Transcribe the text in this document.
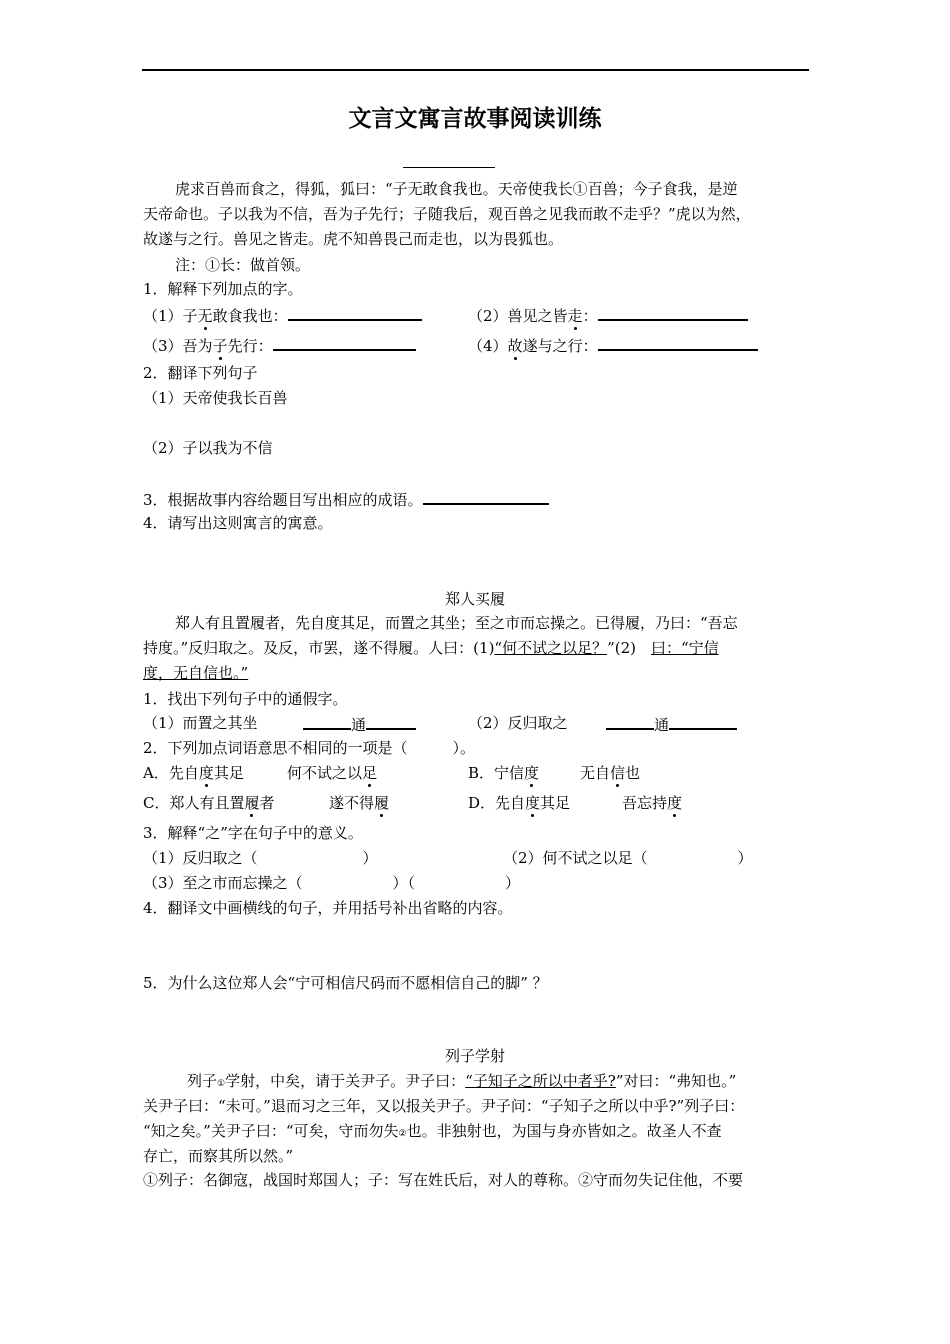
文言文寓言故事阅读训练
虎求百兽而食之，得狐，狐曰：“子无敢食我也。天帝使我长①百兽；今子食我，是逆
天帝命也。子以我为不信，吾为子先行；子随我后，观百兽之见我而敢不走乎？”虎以为然，
故遂与之行。兽见之皆走。虎不知兽畏己而走也，以为畏狐也。
注：①长：做首领。
1．解释下列加点的字。
（1）子无敢食我也：	（2）兽见之皆走：
（3）吾为子先行：	（4）故遂与之行：
2．翻译下列句子
（1）天帝使我长百兽
（2）子以我为不信
3．根据故事内容给题目写出相应的成语。
4．请写出这则寓言的寓意。
郑人买履
郑人有且置履者，先自度其足，而置之其坐；至之市而忘操之。已得履，乃曰：“吾忘
持度。”反归取之。及反，市罢，遂不得履。人曰：(1)“何不试之以足？”(2)　曰：“宁信
度，无自信也。”
1．找出下列句子中的通假字。
（1）而置之其坐	通	（2）反归取之	通
2．下列加点词语意思不相同的一项是（　　　）。
A．先自度其足	何不试之以足	B．宁信度	无自信也
C．郑人有且置履者	遂不得履	D．先自度其足	吾忘持度
3．解释“之”字在句子中的意义。
（1）反归取之（　　　　　　　）	（2）何不试之以足（　　　　　　）
（3）至之市而忘操之（　　　　　　）（　　　　　　）
4．翻译文中画横线的句子，并用括号补出省略的内容。
5．为什么这位郑人会“宁可相信尺码而不愿相信自己的脚” ？
列子学射
列子①学射，中矣，请于关尹子。尹子曰：“子知子之所以中者乎?”对曰：“弗知也。”
关尹子曰：“未可。”退而习之三年，又以报关尹子。尹子问：“子知子之所以中乎?”列子曰：
“知之矣。”关尹子曰：“可矣，守而勿失②也。非独射也，为国与身亦皆如之。故圣人不查
存亡，而察其所以然。”
①列子：名御寇，战国时郑国人；子：写在姓氏后，对人的尊称。②守而勿失记住他，不要
